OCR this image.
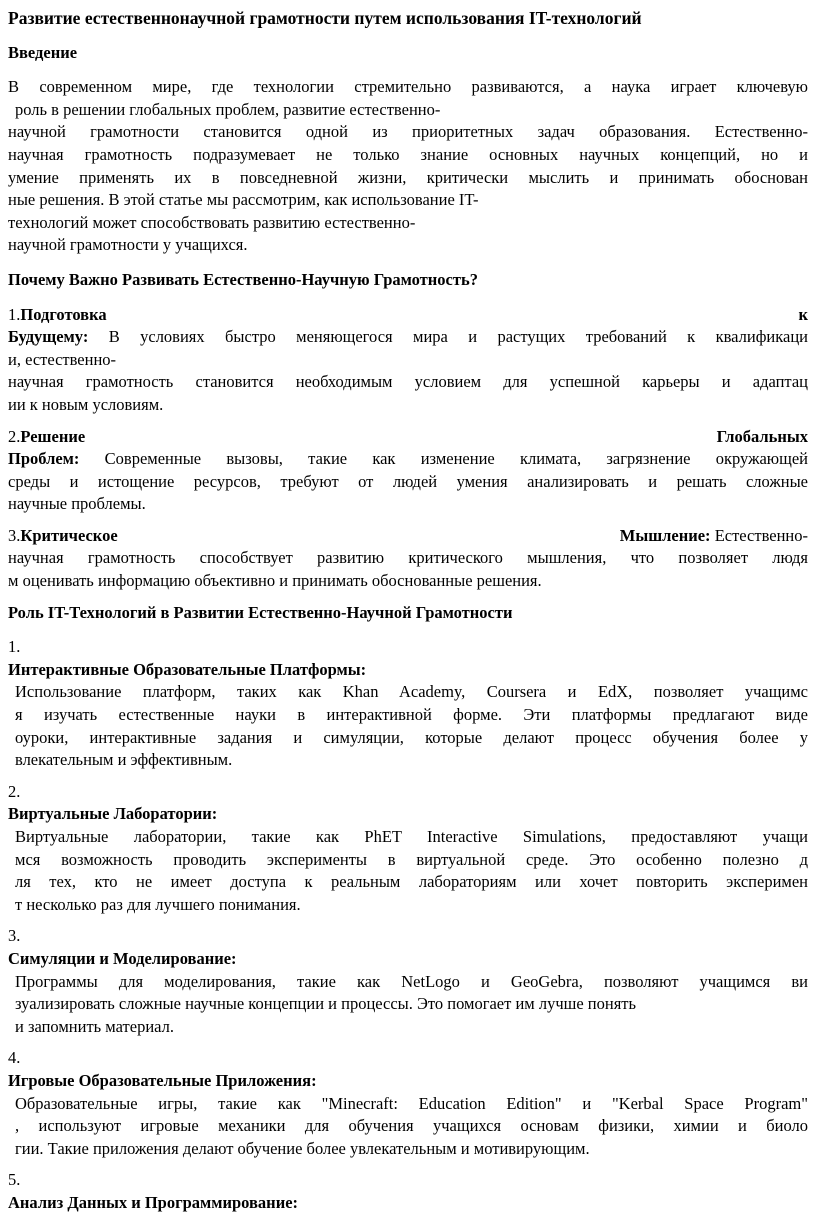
Развитие естественнонаучной грамотности путем использования IT-технологий
Введение
В современном мире, где технологии стремительно развиваются, а наука играет ключевую
роль в решении глобальных проблем, развитие естественно-
научной грамотности становится одной из приоритетных задач образования. Естественно-
научная грамотность подразумевает не только знание основных научных концепций, но и
умение применять их в повседневной жизни, критически мыслить и принимать обоснован
ные решения. В этой статье мы рассмотрим, как использование IT-
технологий может способствовать развитию естественно-
научной грамотности у учащихся.
Почему Важно Развивать Естественно-Научную Грамотность?
1.Подготовка	к
Будущему: В условиях быстро меняющегося мира и растущих требований к квалификаци
и, естественно-
научная грамотность становится необходимым условием для успешной карьеры и адаптац
ии к новым условиям.
2.Решение	Глобальных
Проблем: Современные вызовы, такие как изменение климата, загрязнение окружающей
среды и истощение ресурсов, требуют от людей умения анализировать и решать сложные
научные проблемы.
3.Критическое	Мышление: Естественно-
научная грамотность способствует развитию критического мышления, что позволяет людя
м оценивать информацию объективно и принимать обоснованные решения.
Роль IT-Технологий в Развитии Естественно-Научной Грамотности
1.
Интерактивные Образовательные Платформы:
Использование платформ, таких как Khan Academy, Coursera и EdX, позволяет учащимс
я изучать естественные науки в интерактивной форме. Эти платформы предлагают виде
оуроки, интерактивные задания и симуляции, которые делают процесс обучения более у
влекательным и эффективным.
2.
Виртуальные Лаборатории:
Виртуальные лаборатории, такие как PhET Interactive Simulations, предоставляют учащи
мся возможность проводить эксперименты в виртуальной среде. Это особенно полезно д
ля тех, кто не имеет доступа к реальным лабораториям или хочет повторить эксперимен
т несколько раз для лучшего понимания.
3.
Симуляции и Моделирование:
Программы для моделирования, такие как NetLogo и GeoGebra, позволяют учащимся ви
зуализировать сложные научные концепции и процессы. Это помогает им лучше понять
и запомнить материал.
4.
Игровые Образовательные Приложения:
Образовательные игры, такие как "Minecraft: Education Edition" и "Kerbal Space Program"
, используют игровые механики для обучения учащихся основам физики, химии и биоло
гии. Такие приложения делают обучение более увлекательным и мотивирующим.
5.
Анализ Данных и Программирование:
